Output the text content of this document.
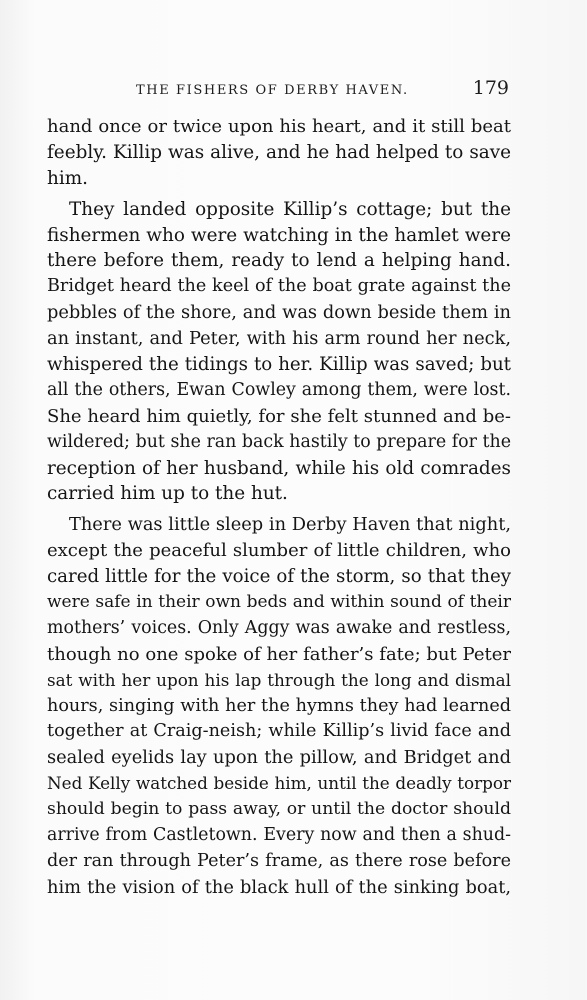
THE FISHERS OF DERBY HAVEN.	179
hand once or twice upon his heart, and it still beat
feebly. Killip was alive, and he had helped to save
him.
They landed opposite Killip’s cottage; but the
fishermen who were watching in the hamlet were
there before them, ready to lend a helping hand.
Bridget heard the keel of the boat grate against the
pebbles of the shore, and was down beside them in
an instant, and Peter, with his arm round her neck,
whispered the tidings to her. Killip was saved; but
all the others, Ewan Cowley among them, were lost.
She heard him quietly, for she felt stunned and be-
wildered; but she ran back hastily to prepare for the
reception of her husband, while his old comrades
carried him up to the hut.
There was little sleep in Derby Haven that night,
except the peaceful slumber of little children, who
cared little for the voice of the storm, so that they
were safe in their own beds and within sound of their
mothers’ voices. Only Aggy was awake and restless,
though no one spoke of her father’s fate; but Peter
sat with her upon his lap through the long and dismal
hours, singing with her the hymns they had learned
together at Craig-neish; while Killip’s livid face and
sealed eyelids lay upon the pillow, and Bridget and
Ned Kelly watched beside him, until the deadly torpor
should begin to pass away, or until the doctor should
arrive from Castletown. Every now and then a shud-
der ran through Peter’s frame, as there rose before
him the vision of the black hull of the sinking boat,
